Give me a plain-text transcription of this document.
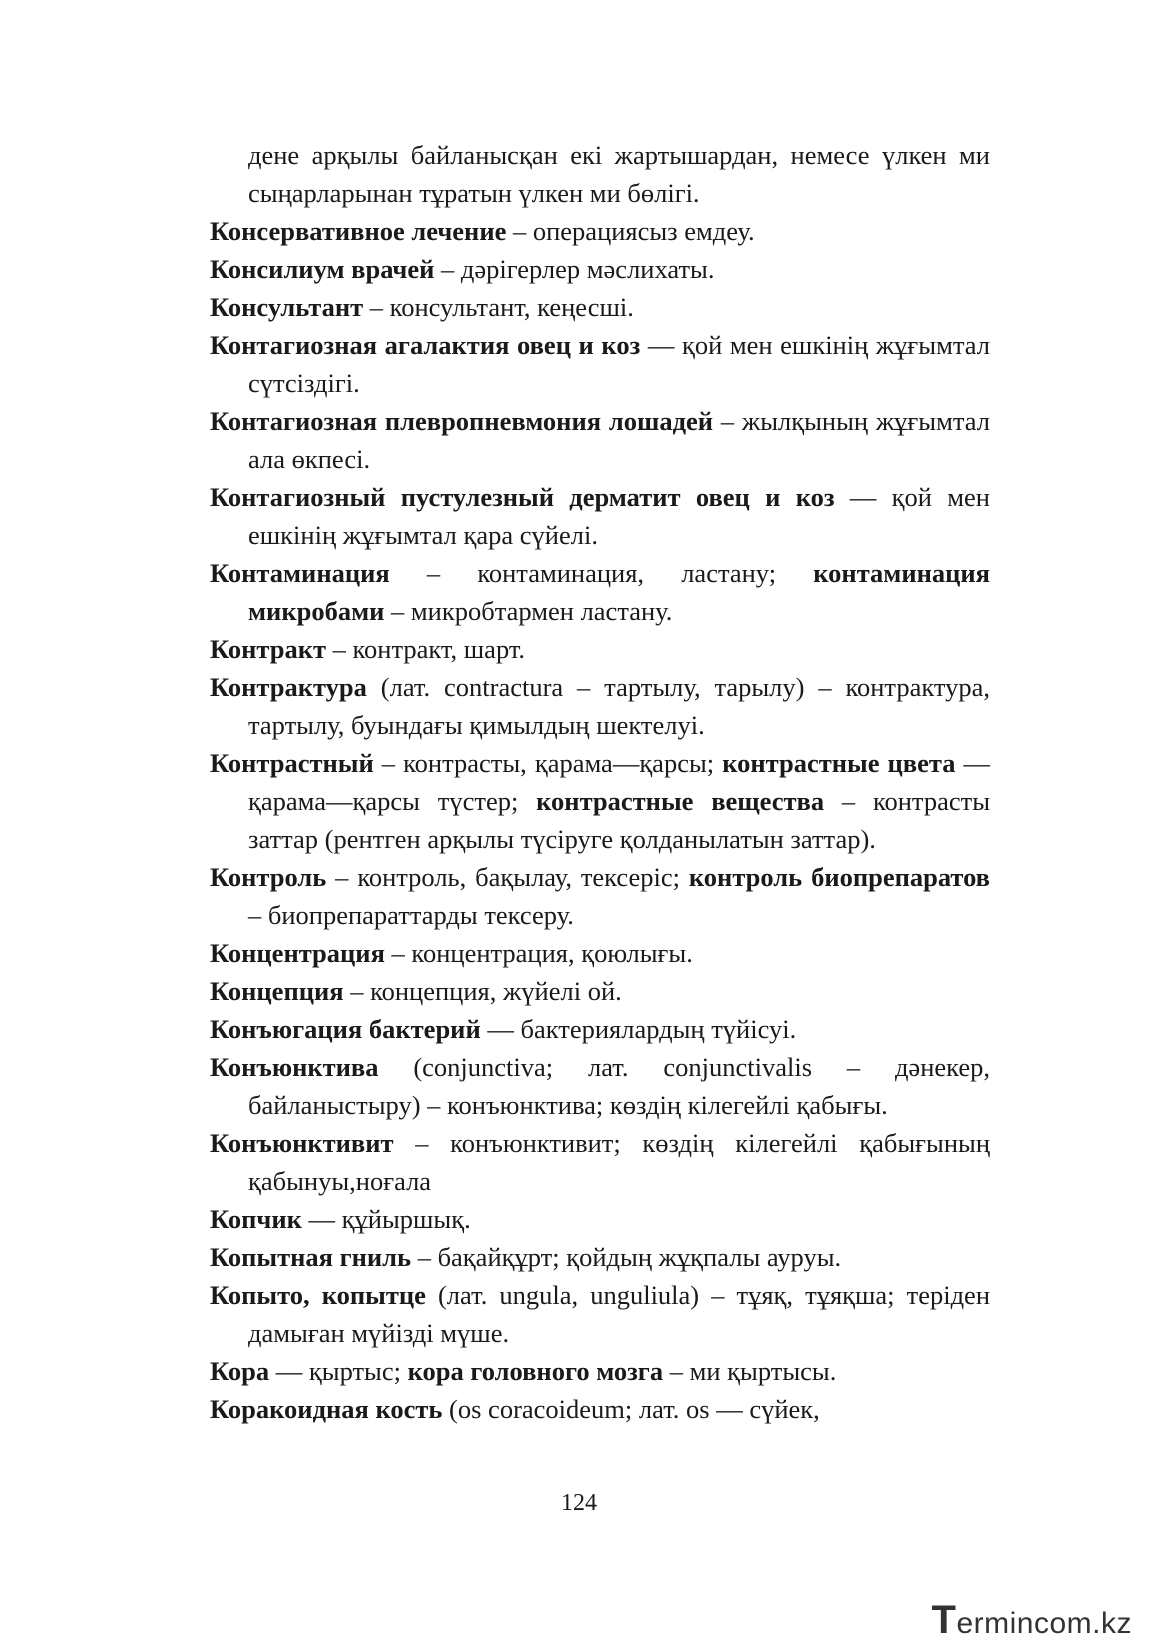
дене арқылы байланысқан екі жартышардан, немесе үлкен ми сыңарларынан тұратын үлкен ми бөлігі.

Консервативное лечение – операциясыз емдеу.

Консилиум врачей – дәрігерлер мәслихаты.

Консультант – консультант, кеңесші.

Контагиозная агалактия овец и коз — қой мен ешкінің жұғымтал сүтсіздігі.

Контагиозная плевропневмония лошадей – жылқының жұғымтал ала өкпесі.

Контагиозный пустулезный дерматит овец и коз — қой мен ешкінің жұғымтал қара сүйелі.

Контаминация – контаминация, ластану; контаминация микробами – микробтармен ластану.

Контракт – контракт, шарт.

Контрактура (лат. contractura – тартылу, тарылу) – контрактура, тартылу, буындағы қимылдың шектелуі.

Контрастный – контрасты, қарама—қарсы; контрастные цвета — қарама—қарсы түстер; контрастные вещества – контрасты заттар (рентген арқылы түсіруге қолданылатын заттар).

Контроль – контроль, бақылау, тексеріс; контроль биопрепаратов – биопрепараттарды тексеру.

Концентрация – концентрация, қоюлығы.

Концепция – концепция, жүйелі ой.

Конъюгация бактерий — бактериялардың түйісуі.

Конъюнктива (conjunctiva; лат. conjunctivalis – дәнекер, байланыстыру) – конъюнктива; көздің кілегейлі қабығы.

Конъюнктивит – конъюнктивит; көздің кілегейлі қабығының қабынуы,ноғала

Копчик — құйыршық.

Копытная гниль – бақайқұрт; қойдың жұқпалы ауруы.

Копыто, копытце (лат. ungula, unguliula) – тұяқ, тұяқша; теріден дамыған мүйізді мүше.

Кора — қыртыс; кора головного мозга – ми қыртысы.

Коракоидная кость (os coracoideum; лат. os — сүйек,

124
T ermincom.kz
